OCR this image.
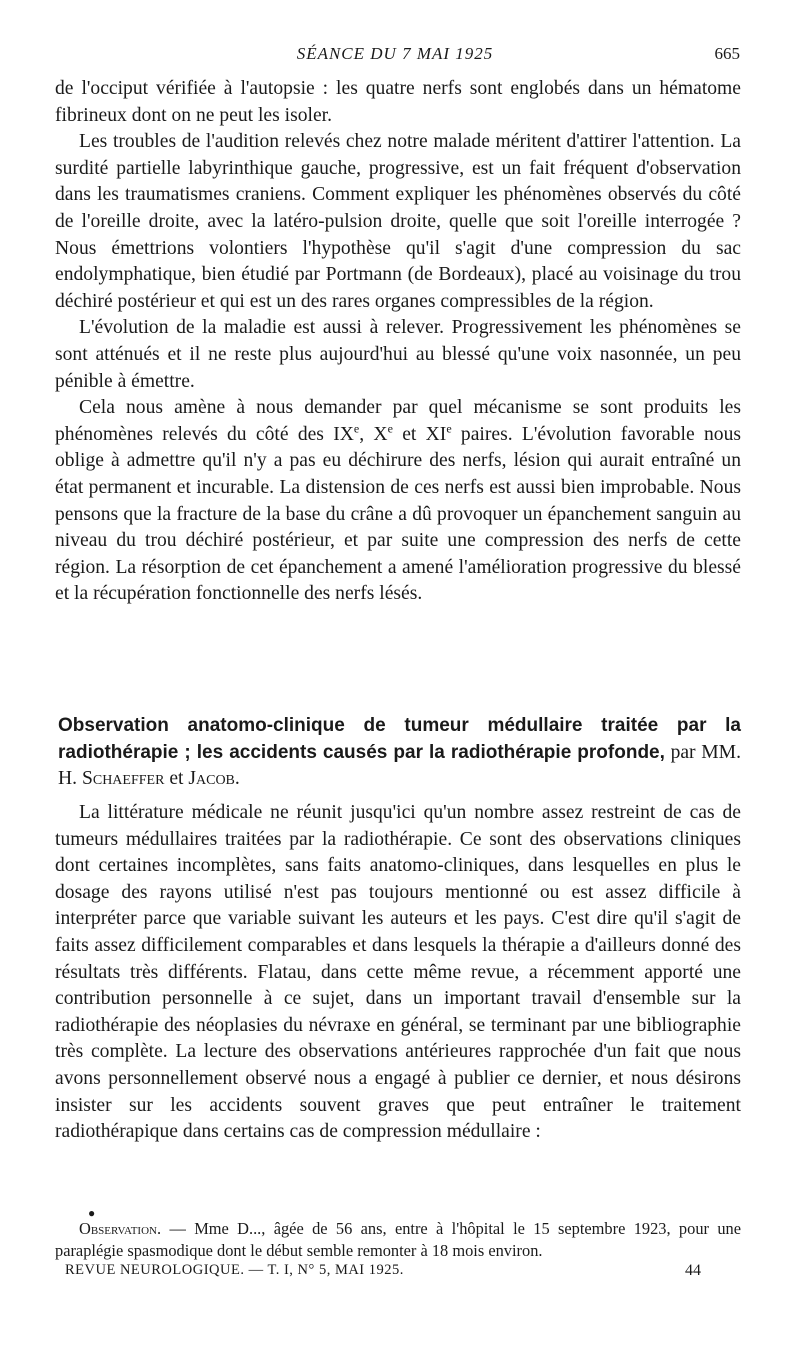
SÉANCE DU 7 MAI 1925	665

de l'occiput vérifiée à l'autopsie : les quatre nerfs sont englobés dans un hématome fibrineux dont on ne peut les isoler.

Les troubles de l'audition relevés chez notre malade méritent d'attirer l'attention. La surdité partielle labyrinthique gauche, progressive, est un fait fréquent d'observation dans les traumatismes craniens. Comment expliquer les phénomènes observés du côté de l'oreille droite, avec la latéro-pulsion droite, quelle que soit l'oreille interrogée ? Nous émettrions volontiers l'hypothèse qu'il s'agit d'une compression du sac endolymphatique, bien étudié par Portmann (de Bordeaux), placé au voisinage du trou déchiré postérieur et qui est un des rares organes compressibles de la région.

L'évolution de la maladie est aussi à relever. Progressivement les phénomènes se sont atténués et il ne reste plus aujourd'hui au blessé qu'une voix nasonnée, un peu pénible à émettre.

Cela nous amène à nous demander par quel mécanisme se sont produits les phénomènes relevés du côté des IXe, Xe et XIe paires. L'évolution favorable nous oblige à admettre qu'il n'y a pas eu déchirure des nerfs, lésion qui aurait entraîné un état permanent et incurable. La distension de ces nerfs est aussi bien improbable. Nous pensons que la fracture de la base du crâne a dû provoquer un épanchement sanguin au niveau du trou déchiré postérieur, et par suite une compression des nerfs de cette région. La résorption de cet épanchement a amené l'amélioration progressive du blessé et la récupération fonctionnelle des nerfs lésés.

Observation anatomo-clinique de tumeur médullaire traitée par la radiothérapie ; les accidents causés par la radiothérapie profonde, par MM. H. Schaeffer et Jacob.

La littérature médicale ne réunit jusqu'ici qu'un nombre assez restreint de cas de tumeurs médullaires traitées par la radiothérapie. Ce sont des observations cliniques dont certaines incomplètes, sans faits anatomo-cliniques, dans lesquelles en plus le dosage des rayons utilisé n'est pas toujours mentionné ou est assez difficile à interpréter parce que variable suivant les auteurs et les pays. C'est dire qu'il s'agit de faits assez difficilement comparables et dans lesquels la thérapie a d'ailleurs donné des résultats très différents. Flatau, dans cette même revue, a récemment apporté une contribution personnelle à ce sujet, dans un important travail d'ensemble sur la radiothérapie des néoplasies du névraxe en général, se terminant par une bibliographie très complète. La lecture des observations antérieures rapprochée d'un fait que nous avons personnellement observé nous a engagé à publier ce dernier, et nous désirons insister sur les accidents souvent graves que peut entraîner le traitement radiothérapique dans certains cas de compression médullaire :

●

Observation. — Mme D..., âgée de 56 ans, entre à l'hôpital le 15 septembre 1923, pour une paraplégie spasmodique dont le début semble remonter à 18 mois environ.

REVUE NEUROLOGIQUE. — T. I, N° 5, MAI 1925.	44
